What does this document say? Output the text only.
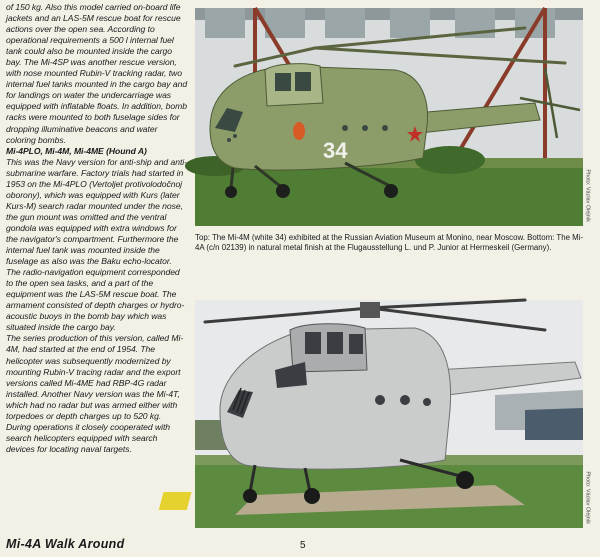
of 150 kg. Also this model carried on-board life jackets and an LAS-5M rescue boat for rescue actions over the open sea. According to operational requirements a 500 l internal fuel tank could also be mounted inside the cargo bay. The Mi-4SP was another rescue version, with nose mounted Rubin-V tracking radar, two internal fuel tanks mounted in the cargo bay and for landings on water the undercarriage was equipped with inflatable floats. In addition, bomb racks were mounted to both fuselage sides for dropping illuminative beacons and water coloring bombs.

Mi-4PLO, Mi-4M, Mi-4ME (Hound A)

This was the Navy version for anti-ship and anti-submarine warfare. Factory trials had started in 1953 on the Mi-4PLO (Vertoljet protivolodočnoj oborony), which was equipped with Kurs (later Kurs-M) search radar mounted under the nose, the gun mount was omitted and the ventral gondola was equipped with extra windows for the navigator's compartment. Furthermore the internal fuel tank was mounted inside the fuselage as also was the Baku echo-locator. The radio-navigation equipment corresponded to the open sea tasks, and a part of the equipment was the LAS-5M rescue boat. The armament consisted of depth charges or hydro-acoustic buoys in the bomb bay which was situated inside the cargo bay.

The series production of this version, called Mi-4M, had started at the end of 1954. The helicopter was subsequently modernized by mounting Rubin-V tracing radar and the export versions called Mi-4ME had RBP-4G radar installed. Another Navy version was the Mi-4T, which had no radar but was armed either with torpedoes or depth charges up to 520 kg. During operations it closely cooperated with search helicopters equipped with search devices for locating naval targets.

34
Photo: Václav Olejník
Top: The Mi-4M (white 34) exhibited at the Russian Aviation Museum at Monino, near Moscow. Bottom: The Mi-4A (c/n 02139) in natural metal finish at the Flugausstellung L. und P. Junior at Hermeskeil (Germany).
Photo: Václav Olejník
Mi-4A Walk Around	5
